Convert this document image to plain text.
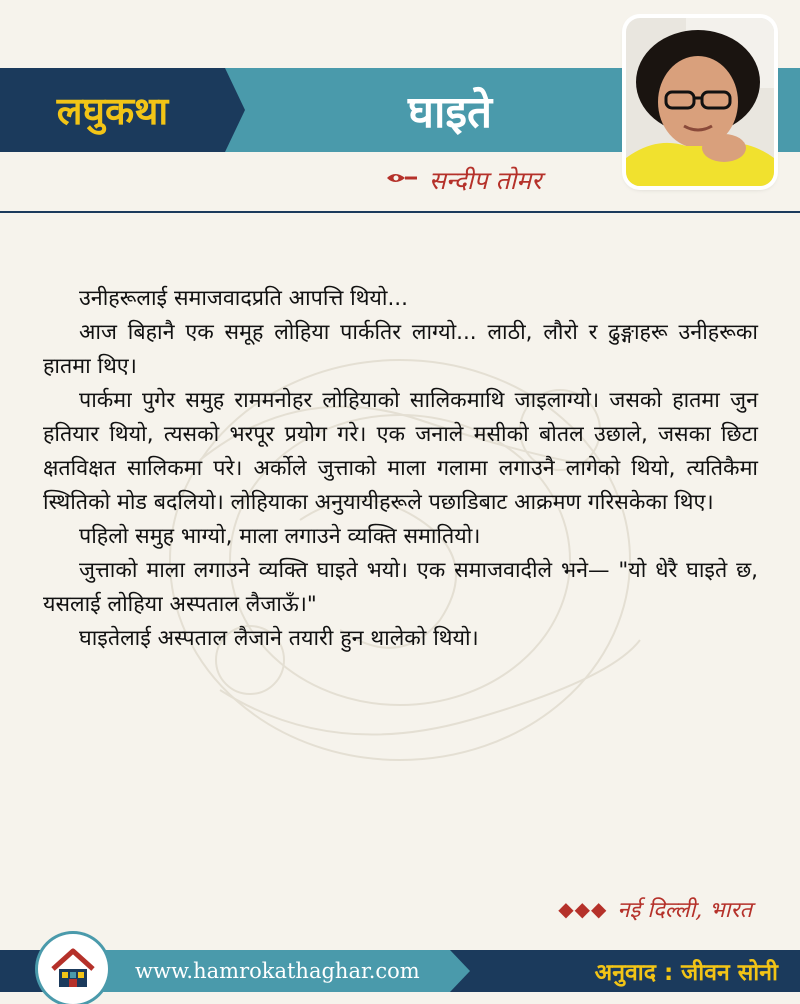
लघुकथा	घाइते
सन्दीप तोमर

उनीहरूलाई समाजवादप्रति आपत्ति थियो...

आज बिहानै एक समूह लोहिया पार्कतिर लाग्यो... लाठी, लौरो र ढुङ्गाहरू उनीहरूका हातमा थिए।

पार्कमा पुगेर समुह राममनोहर लोहियाको सालिकमाथि जाइलाग्यो। जसको हातमा जुन हतियार थियो, त्यसको भरपूर प्रयोग गरे। एक जनाले मसीको बोतल उछाले, जसका छिटा क्षतविक्षत सालिकमा परे। अर्कोले जुत्ताको माला गलामा लगाउनै लागेको थियो, त्यतिकैमा स्थितिको मोड बदलियो। लोहियाका अनुयायीहरूले पछाडिबाट आक्रमण गरिसकेका थिए।

पहिलो समुह भाग्यो, माला लगाउने व्यक्ति समातियो।

जुत्ताको माला लगाउने व्यक्ति घाइते भयो। एक समाजवादीले भने— "यो धेरै घाइते छ, यसलाई लोहिया अस्पताल लैजाऊँ।"

घाइतेलाई अस्पताल लैजाने तयारी हुन थालेको थियो।

◆◆◆ नई दिल्ली, भारत
www.hamrokathaghar.com	अनुवाद : जीवन सोनी
